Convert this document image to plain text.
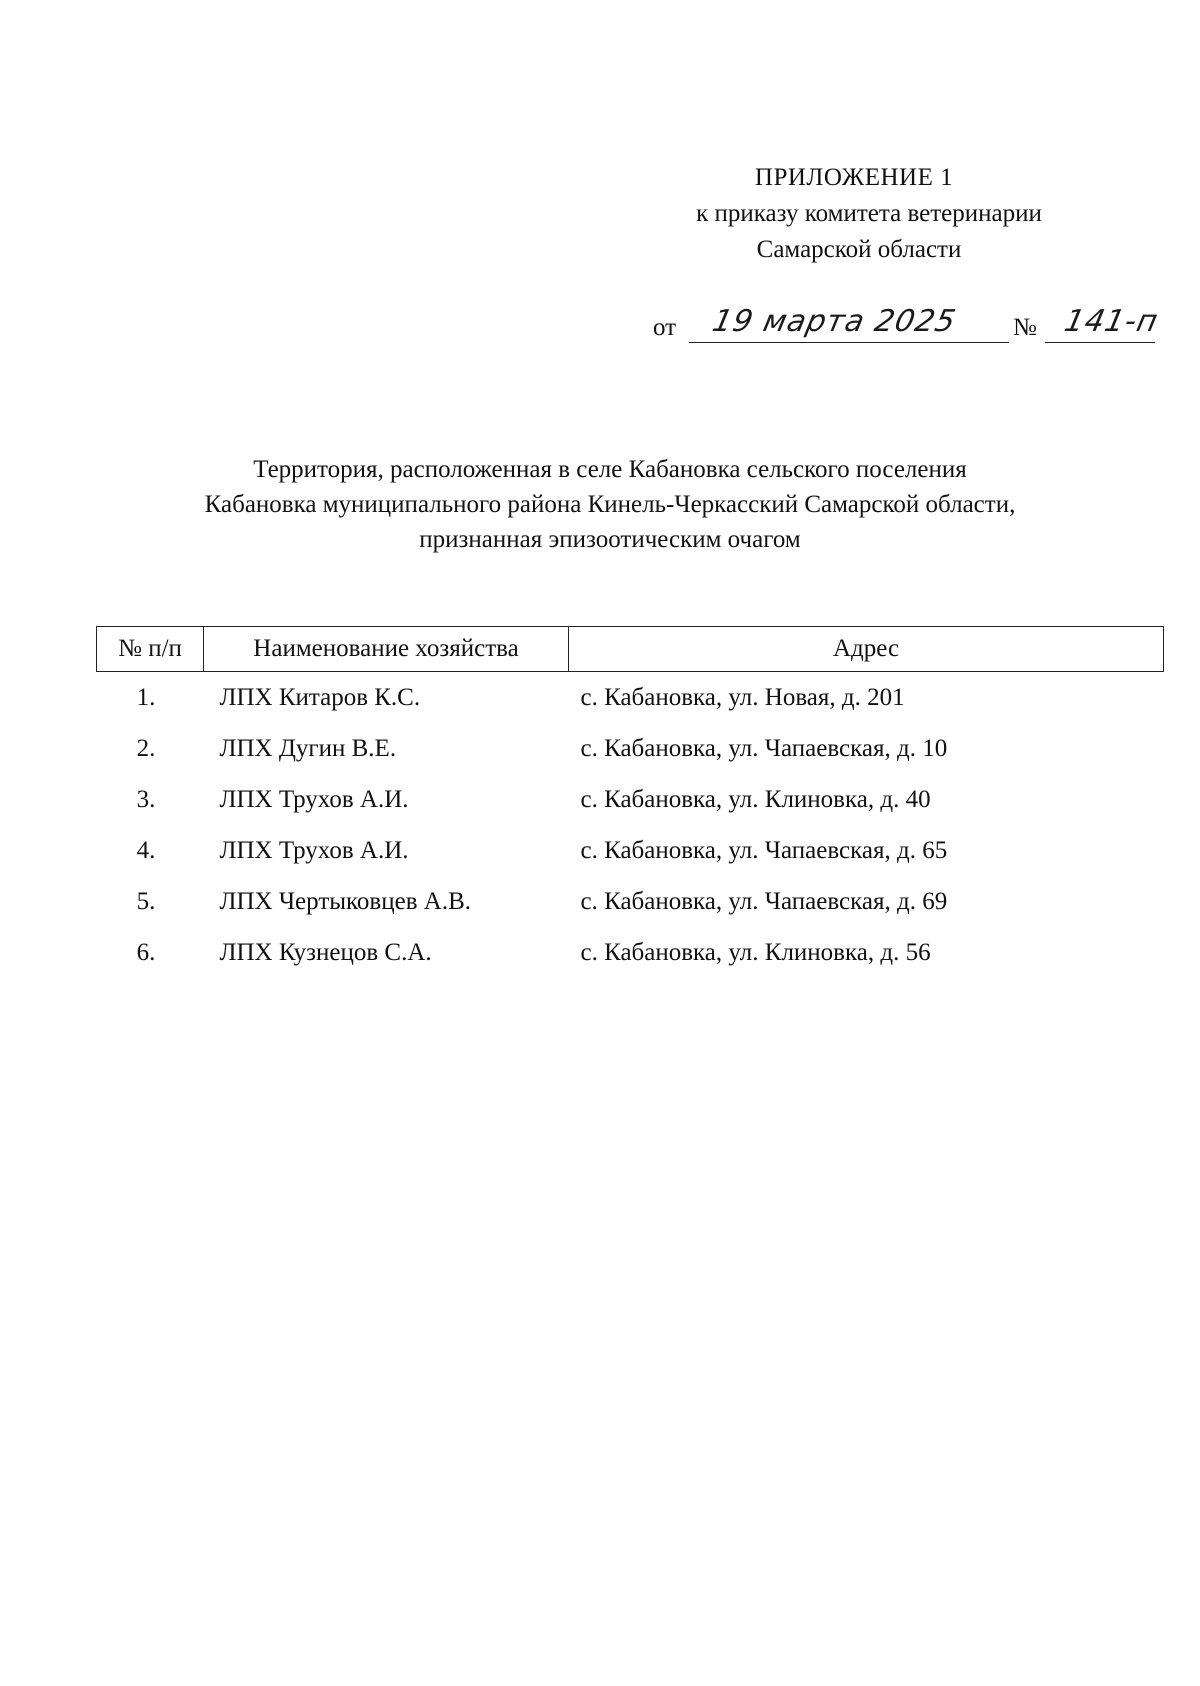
ПРИЛОЖЕНИЕ 1
к приказу комитета ветеринарии
Самарской области
от 19 марта 2025 № 141-п
Территория, расположенная в селе Кабановка сельского поселения
Кабановка муниципального района Кинель-Черкасский Самарской области,
признанная эпизоотическим очагом
№ п/п	Наименование хозяйства	Адрес
1.	ЛПХ Китаров К.С.	с. Кабановка, ул. Новая, д. 201
2.	ЛПХ Дугин В.Е.	с. Кабановка, ул. Чапаевская, д. 10
3.	ЛПХ Трухов А.И.	с. Кабановка, ул. Клиновка, д. 40
4.	ЛПХ Трухов А.И.	с. Кабановка, ул. Чапаевская, д. 65
5.	ЛПХ Чертыковцев А.В.	с. Кабановка, ул. Чапаевская, д. 69
6.	ЛПХ Кузнецов С.А.	с. Кабановка, ул. Клиновка, д. 56
